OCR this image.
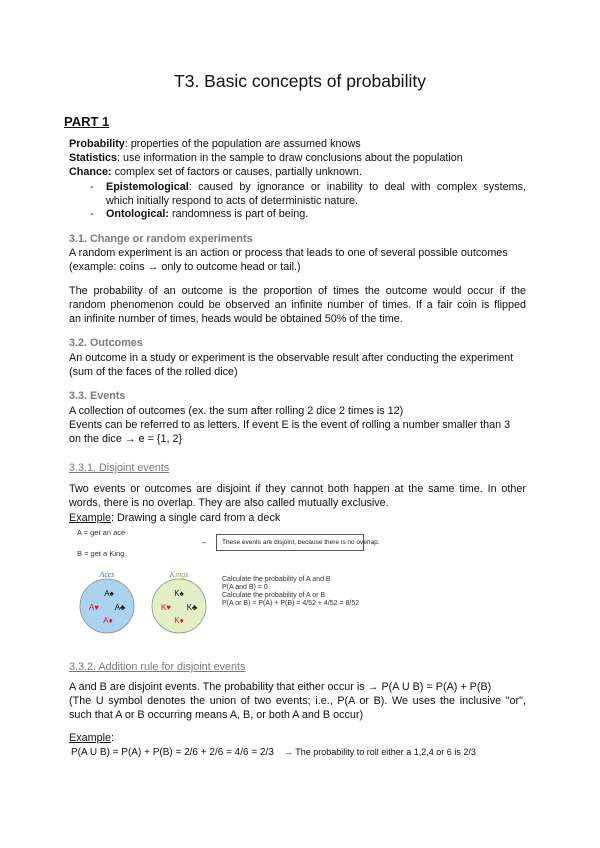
T3. Basic concepts of probability
PART 1
Probability: properties of the population are assumed knows
Statistics: use information in the sample to draw conclusions about the population
Chance: complex set of factors or causes, partially unknown.
- Epistemological: caused by ignorance or inability to deal with complex systems,
which initially respond to acts of deterministic nature.
- Ontological: randomness is part of being.
3.1. Change or random experiments
A random experiment is an action or process that leads to one of several possible outcomes
(example: coins → only to outcome head or tail.)
The probability of an outcome is the proportion of times the outcome would occur if the
random phenomenon could be observed an infinite number of times. If a fair coin is flipped
an infinite number of times, heads would be obtained 50% of the time.
3.2. Outcomes
An outcome in a study or experiment is the observable result after conducting the experiment
(sum of the faces of the rolled dice)
3.3. Events
A collection of outcomes (ex. the sum after rolling 2 dice 2 times is 12)
Events can be referred to as letters. If event E is the event of rolling a number smaller than 3
on the dice → e = {1, 2}
3.3.1. Disjoint events
Two events or outcomes are disjoint if they cannot both happen at the same time. In other
words, there is no overlap. They are also called mutually exclusive.
Example: Drawing a single card from a deck
A = get an ace
–
B = get a King
These events are disjoint, because there is no overlap.
Aces	Kings
A♠
A♥ A♣
A♦
K♠
K♥ K♣
K♦
Calculate the probability of A and B
P(A and B) = 0
Calculate the probability of A or B
P(A or B) = P(A) + P(B) = 4/52 + 4/52 = 8/52
3.3.2. Addition rule for disjoint events
A and B are disjoint events. The probability that either occur is → P(A U B) = P(A) + P(B)
(The U symbol denotes the union of two events; i.e., P(A or B). We uses the inclusive "or",
such that A or B occurring means A, B, or both A and B occur)
Example:
P(A U B) = P(A) + P(B) = 2/6 + 2/6 = 4/6 = 2/3 → The probability to roll either a 1,2,4 or 6 is 2/3
